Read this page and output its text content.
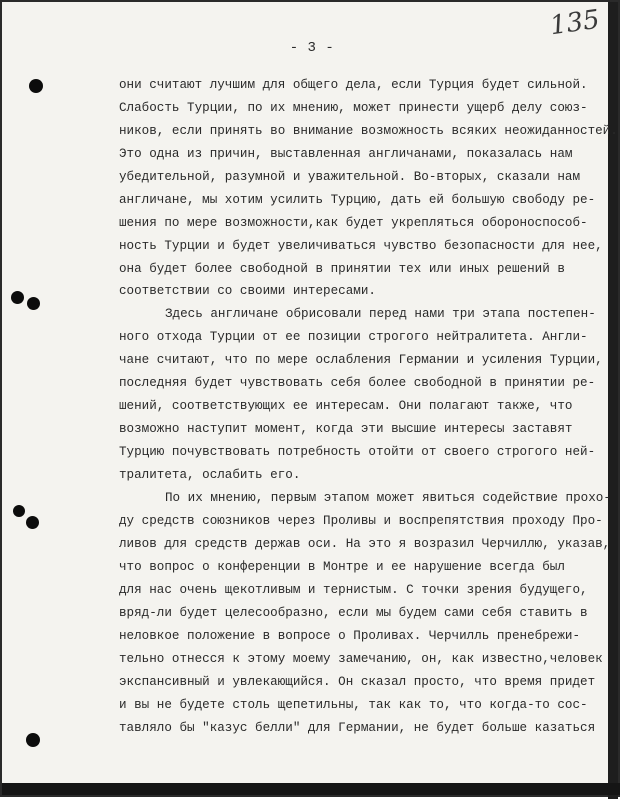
- 3 -
135

они считают лучшим для общего дела, если Турция будет сильной.

Слабость Турции, по их мнению, может принести ущерб делу союз-

ников, если принять во внимание возможность всяких неожиданностей.

Это одна из причин, выставленная англичанами, показалась нам

убедительной, разумной и уважительной. Во-вторых, сказали нам

англичане, мы хотим усилить Турцию, дать ей большую свободу ре-

шения по мере возможности,как будет укрепляться обороноспособ-

ность Турции и будет увеличиваться чувство безопасности для нее,

она будет более свободной в принятии тех или иных решений в

соответствии со своими интересами.

Здесь англичане обрисовали перед нами три этапа постепен-

ного отхода Турции от ее позиции строгого нейтралитета. Англи-

чане считают, что по мере ослабления Германии и усиления Турции,

последняя будет чувствовать себя более свободной в принятии ре-

шений, соответствующих ее интересам. Они полагают также, что

возможно наступит момент, когда эти высшие интересы заставят

Турцию почувствовать потребность отойти от своего строгого ней-

тралитета, ослабить его.

По их мнению, первым этапом может явиться содействие прохо-

ду средств союзников через Проливы и воспрепятствия проходу Про-

ливов для средств держав оси. На это я возразил Черчиллю, указав,

что вопрос о конференции в Монтре и ее нарушение всегда был

для нас очень щекотливым и тернистым. С точки зрения будущего,

вряд-ли будет целесообразно, если мы будем сами себя ставить в

неловкое положение в вопросе о Проливах. Черчилль пренебрежи-

тельно отнесся к этому моему замечанию, он, как известно,человек

экспансивный и увлекающийся. Он сказал просто, что время придет

и вы не будете столь щепетильны, так как то, что когда-то сос-

тавляло бы "казус белли" для Германии, не будет больше казаться
